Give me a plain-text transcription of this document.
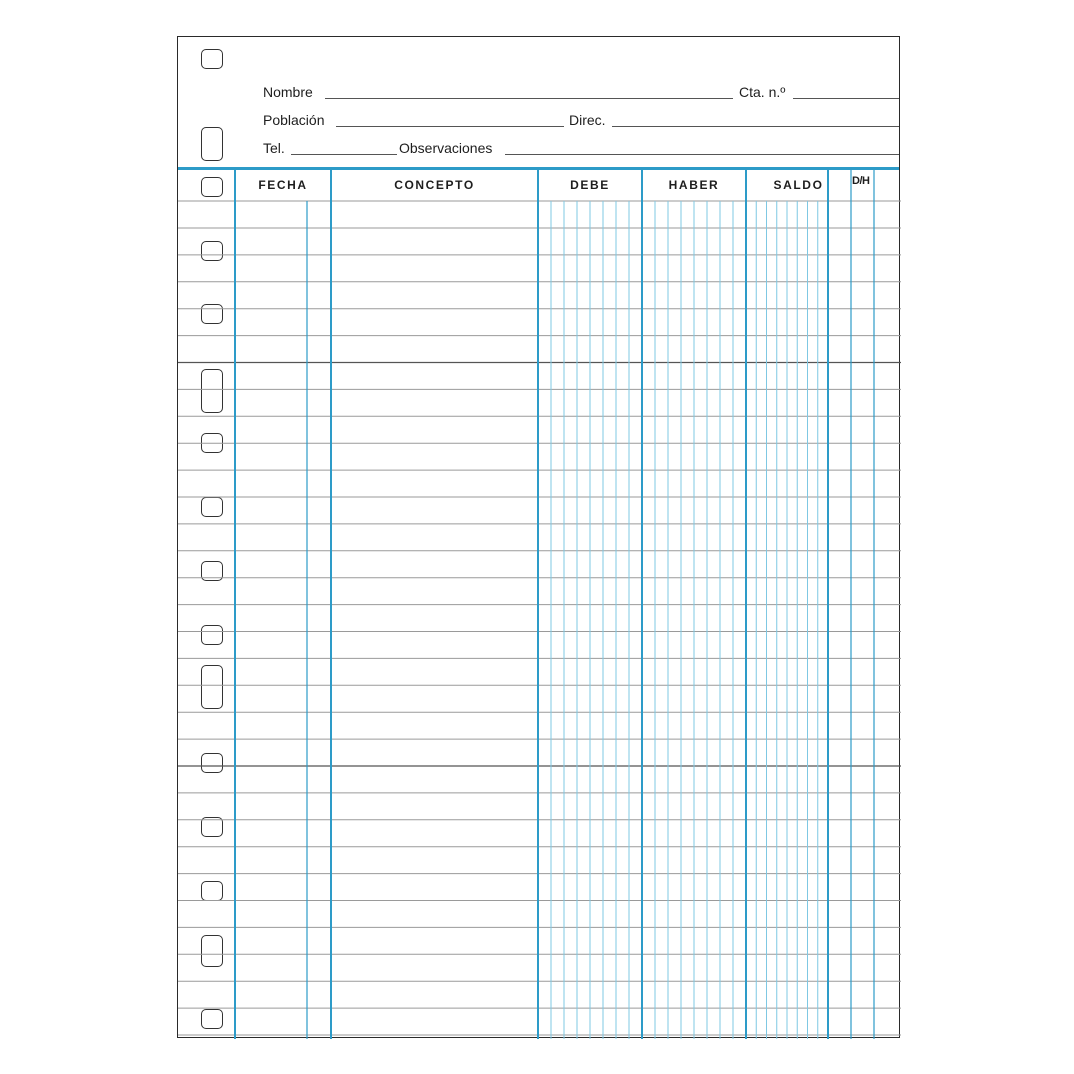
Nombre	Cta. n.º
Población	Direc.
Tel.	Observaciones
FECHA	CONCEPTO	DEBE	HABER	SALDO	D/H
